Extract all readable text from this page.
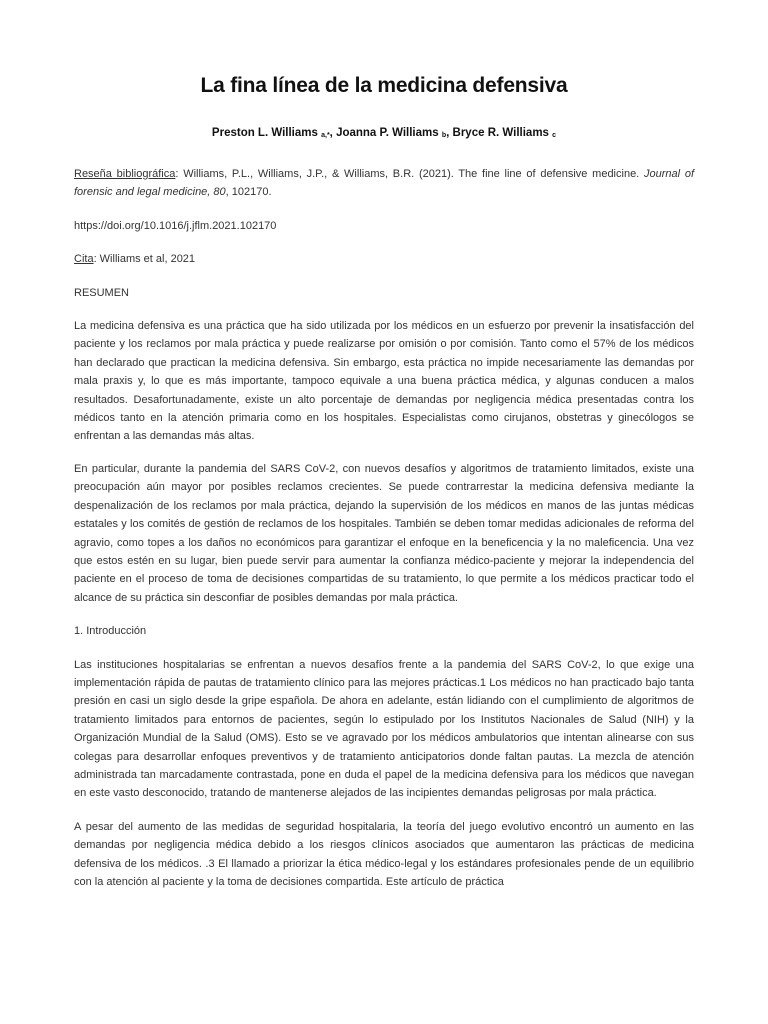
La fina línea de la medicina defensiva
Preston L. Williams $_{a,*}$, Joanna P. Williams $_b$, Bryce R. Williams $_c$

Reseña bibliográfica: Williams, P.L., Williams, J.P., & Williams, B.R. (2021). The fine line of defensive medicine. Journal of forensic and legal medicine, 80, 102170.

https://doi.org/10.1016/j.jflm.2021.102170

Cita: Williams et al, 2021

RESUMEN

La medicina defensiva es una práctica que ha sido utilizada por los médicos en un esfuerzo por prevenir la insatisfacción del paciente y los reclamos por mala práctica y puede realizarse por omisión o por comisión. Tanto como el 57% de los médicos han declarado que practican la medicina defensiva. Sin embargo, esta práctica no impide necesariamente las demandas por mala praxis y, lo que es más importante, tampoco equivale a una buena práctica médica, y algunas conducen a malos resultados. Desafortunadamente, existe un alto porcentaje de demandas por negligencia médica presentadas contra los médicos tanto en la atención primaria como en los hospitales. Especialistas como cirujanos, obstetras y ginecólogos se enfrentan a las demandas más altas.

En particular, durante la pandemia del SARS CoV-2, con nuevos desafíos y algoritmos de tratamiento limitados, existe una preocupación aún mayor por posibles reclamos crecientes. Se puede contrarrestar la medicina defensiva mediante la despenalización de los reclamos por mala práctica, dejando la supervisión de los médicos en manos de las juntas médicas estatales y los comités de gestión de reclamos de los hospitales. También se deben tomar medidas adicionales de reforma del agravio, como topes a los daños no económicos para garantizar el enfoque en la beneficencia y la no maleficencia. Una vez que estos estén en su lugar, bien puede servir para aumentar la confianza médico-paciente y mejorar la independencia del paciente en el proceso de toma de decisiones compartidas de su tratamiento, lo que permite a los médicos practicar todo el alcance de su práctica sin desconfiar de posibles demandas por mala práctica.

1. Introducción

Las instituciones hospitalarias se enfrentan a nuevos desafíos frente a la pandemia del SARS CoV-2, lo que exige una implementación rápida de pautas de tratamiento clínico para las mejores prácticas.1 Los médicos no han practicado bajo tanta presión en casi un siglo desde la gripe española. De ahora en adelante, están lidiando con el cumplimiento de algoritmos de tratamiento limitados para entornos de pacientes, según lo estipulado por los Institutos Nacionales de Salud (NIH) y la Organización Mundial de la Salud (OMS). Esto se ve agravado por los médicos ambulatorios que intentan alinearse con sus colegas para desarrollar enfoques preventivos y de tratamiento anticipatorios donde faltan pautas. La mezcla de atención administrada tan marcadamente contrastada, pone en duda el papel de la medicina defensiva para los médicos que navegan en este vasto desconocido, tratando de mantenerse alejados de las incipientes demandas peligrosas por mala práctica.

A pesar del aumento de las medidas de seguridad hospitalaria, la teoría del juego evolutivo encontró un aumento en las demandas por negligencia médica debido a los riesgos clínicos asociados que aumentaron las prácticas de medicina defensiva de los médicos. .3 El llamado a priorizar la ética médico-legal y los estándares profesionales pende de un equilibrio con la atención al paciente y la toma de decisiones compartida. Este artículo de práctica
